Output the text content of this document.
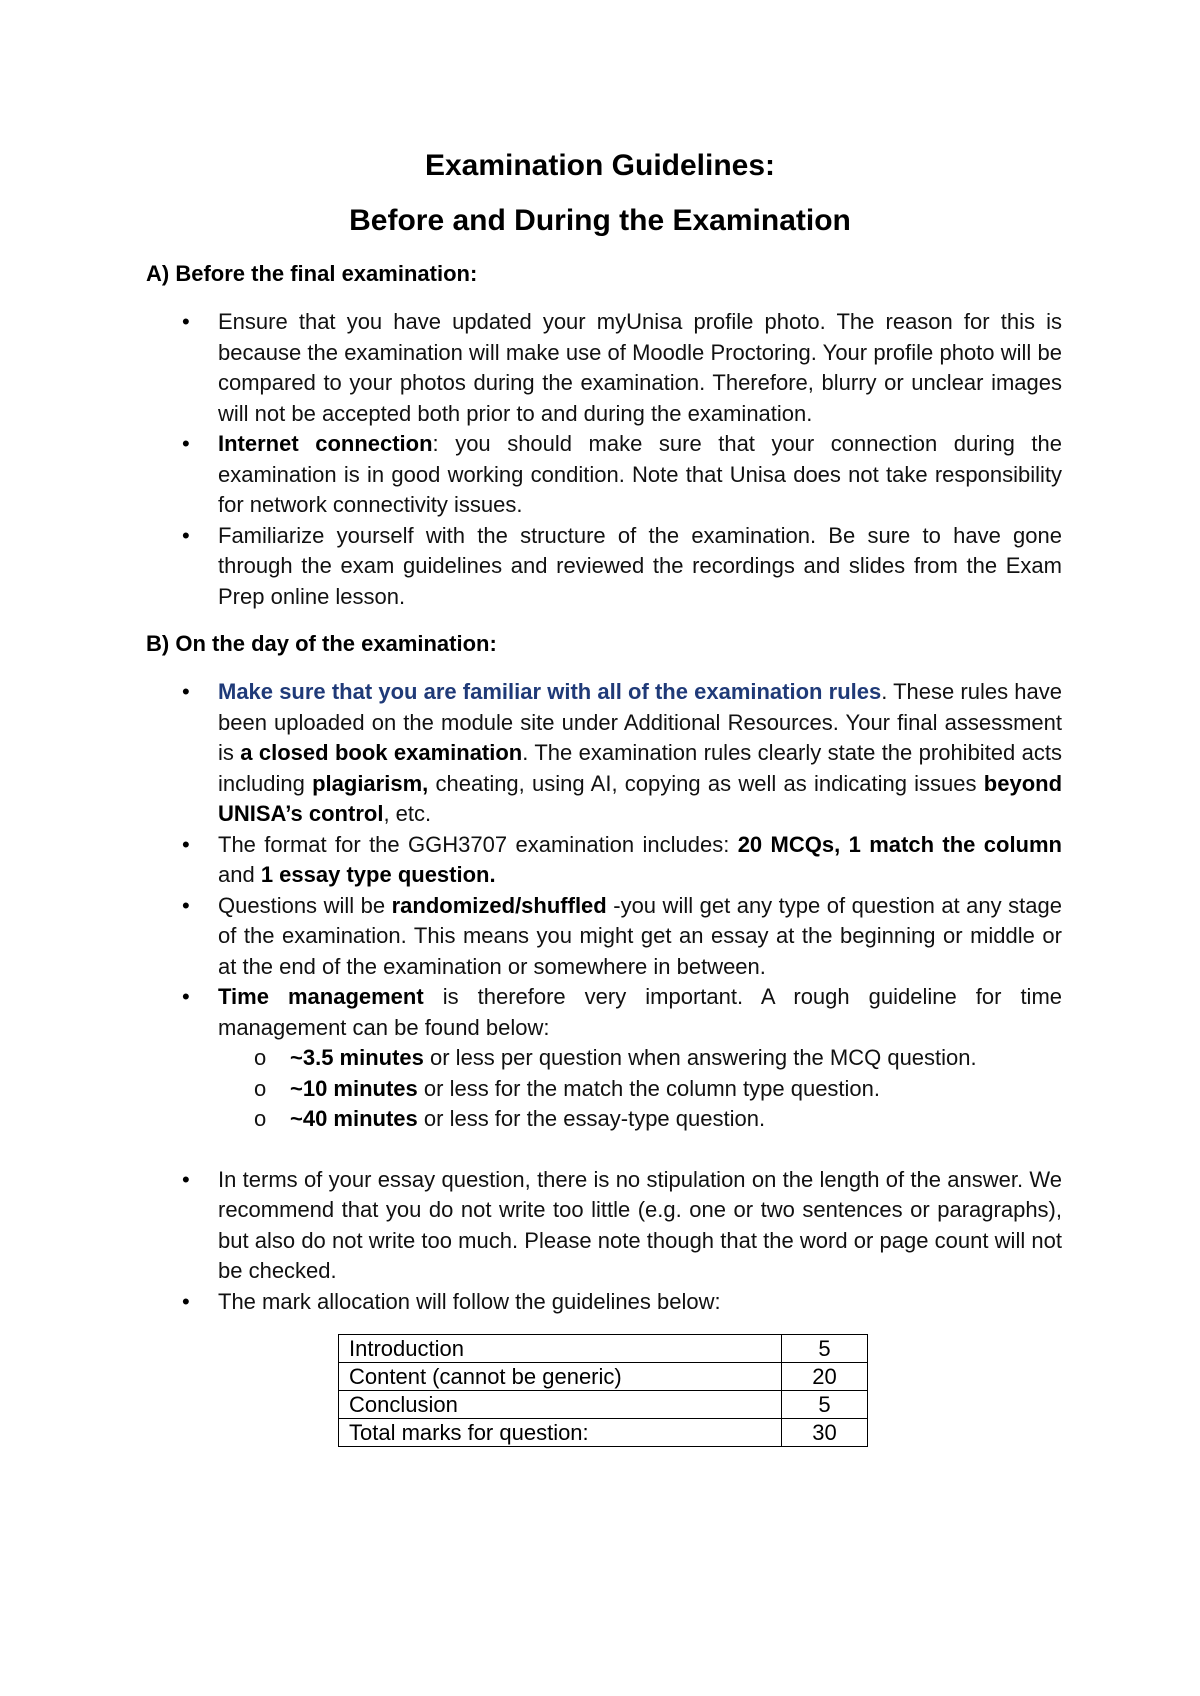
Examination Guidelines:
Before and During the Examination
A) Before the final examination:
• Ensure that you have updated your myUnisa profile photo. The reason for this is because the examination will make use of Moodle Proctoring. Your profile photo will be compared to your photos during the examination. Therefore, blurry or unclear images will not be accepted both prior to and during the examination.
• Internet connection: you should make sure that your connection during the examination is in good working condition. Note that Unisa does not take responsibility for network connectivity issues.
• Familiarize yourself with the structure of the examination. Be sure to have gone through the exam guidelines and reviewed the recordings and slides from the Exam Prep online lesson.
B) On the day of the examination:
• Make sure that you are familiar with all of the examination rules. These rules have been uploaded on the module site under Additional Resources. Your final assessment is a closed book examination. The examination rules clearly state the prohibited acts including plagiarism, cheating, using AI, copying as well as indicating issues beyond UNISA’s control, etc.
• The format for the GGH3707 examination includes: 20 MCQs, 1 match the column and 1 essay type question.
• Questions will be randomized/shuffled -you will get any type of question at any stage of the examination. This means you might get an essay at the beginning or middle or at the end of the examination or somewhere in between.
• Time management is therefore very important. A rough guideline for time management can be found below:
o ~3.5 minutes or less per question when answering the MCQ question.
o ~10 minutes or less for the match the column type question.
o ~40 minutes or less for the essay-type question.
• In terms of your essay question, there is no stipulation on the length of the answer. We recommend that you do not write too little (e.g. one or two sentences or paragraphs), but also do not write too much. Please note though that the word or page count will not be checked.
• The mark allocation will follow the guidelines below:
Introduction	5
Content (cannot be generic)	20
Conclusion	5
Total marks for question:	30
